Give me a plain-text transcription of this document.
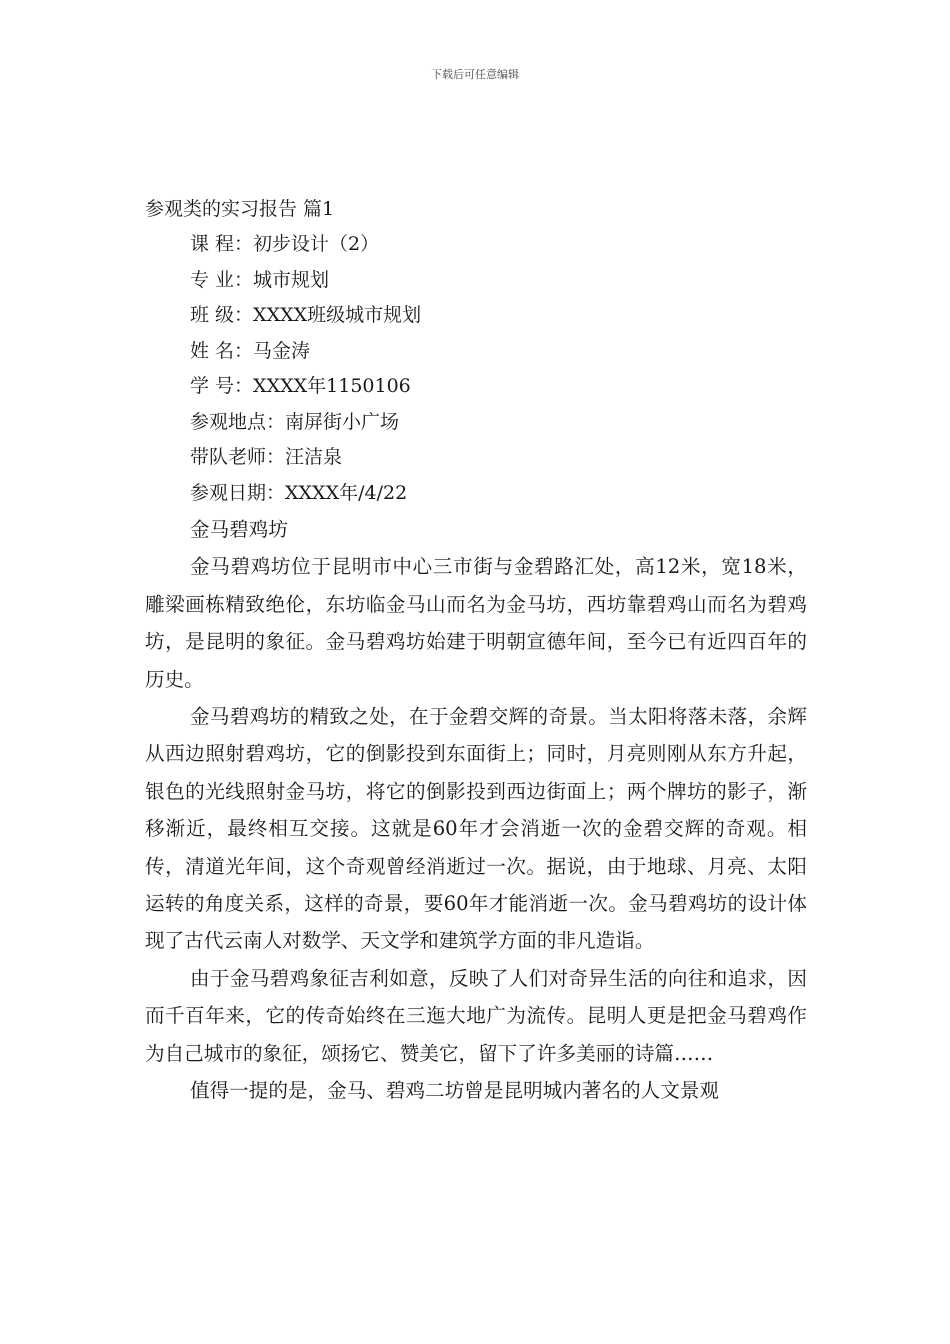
下载后可任意编辑
参观类的实习报告 篇1

课 程：初步设计（2）

专 业：城市规划

班 级：XXXX班级城市规划

姓 名：马金涛

学 号：XXXX年1150106

参观地点：南屏街小广场

带队老师：汪洁泉

参观日期：XXXX年/4/22

金马碧鸡坊

金马碧鸡坊位于昆明市中心三市街与金碧路汇处，高12米，宽18米，雕梁画栋精致绝伦，东坊临金马山而名为金马坊，西坊靠碧鸡山而名为碧鸡坊，是昆明的象征。金马碧鸡坊始建于明朝宣德年间，至今已有近四百年的历史。

金马碧鸡坊的精致之处，在于金碧交辉的奇景。当太阳将落未落，余辉从西边照射碧鸡坊，它的倒影投到东面街上；同时，月亮则刚从东方升起，银色的光线照射金马坊，将它的倒影投到西边街面上；两个牌坊的影子，渐移渐近，最终相互交接。这就是60年才会消逝一次的金碧交辉的奇观。相传，清道光年间，这个奇观曾经消逝过一次。据说，由于地球、月亮、太阳运转的角度关系，这样的奇景，要60年才能消逝一次。金马碧鸡坊的设计体现了古代云南人对数学、天文学和建筑学方面的非凡造诣。

由于金马碧鸡象征吉利如意，反映了人们对奇异生活的向往和追求，因而千百年来，它的传奇始终在三迤大地广为流传。昆明人更是把金马碧鸡作为自己城市的象征，颂扬它、赞美它，留下了许多美丽的诗篇……

值得一提的是，金马、碧鸡二坊曾是昆明城内著名的人文景观
